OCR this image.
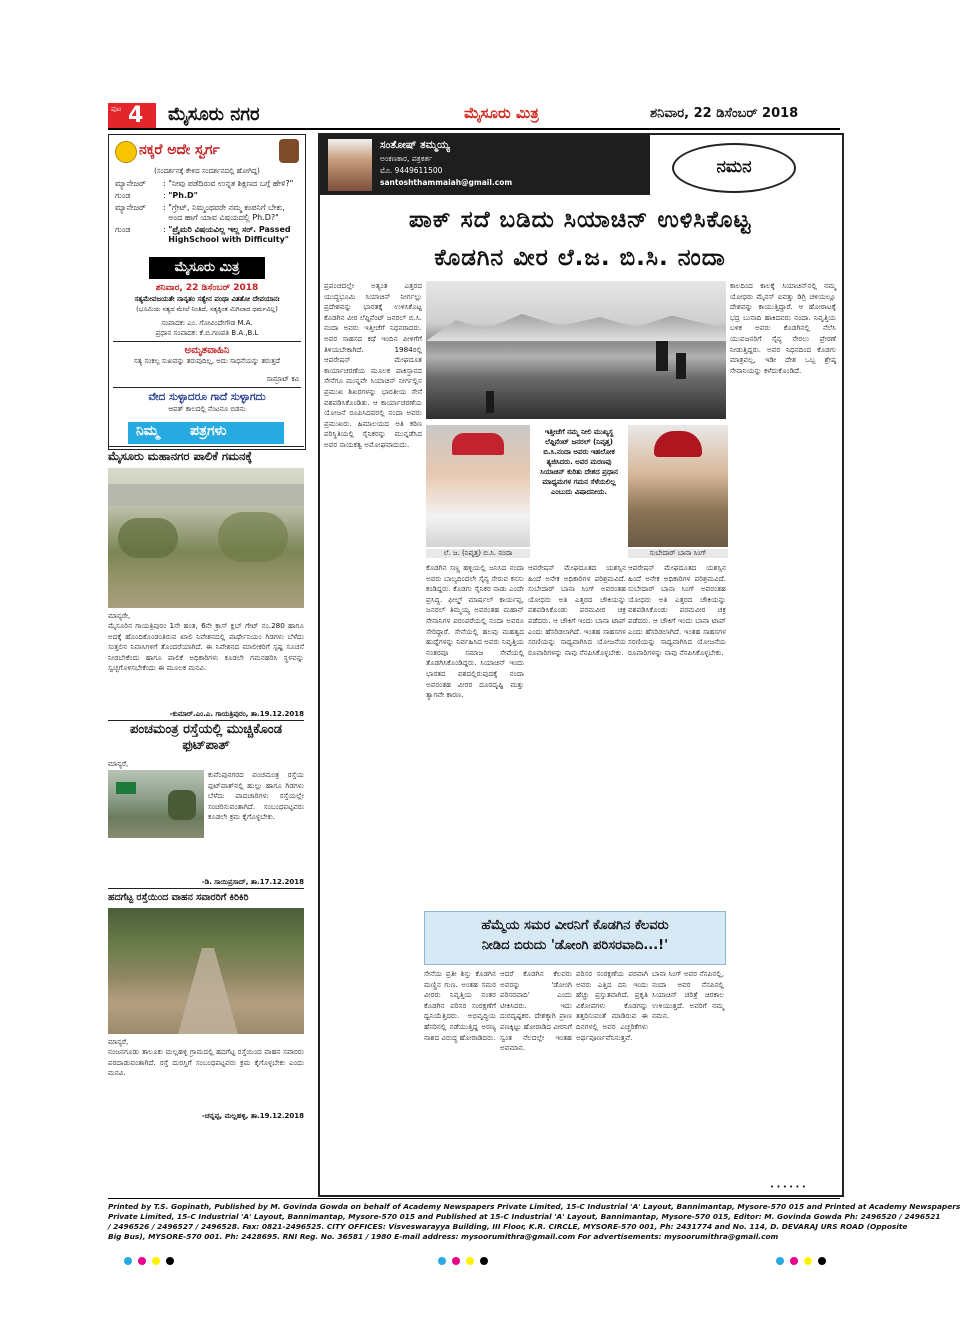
ಪುಟ 4 ಮೈಸೂರು ನಗರ	ಮೈಸೂರು ಮಿತ್ರ	ಶನಿವಾರ, 22 ಡಿಸೆಂಬರ್ 2018
ನಕ್ಕರೆ ಅದೇ ಸ್ವರ್ಗ
(ಸಂದರ್ಶನಕ್ಕೆ ಕೇಳಿದ ಸಂದರ್ಶನದಲ್ಲಿ ಹೋಗಿದ್ದ)
ಮ್ಯಾನೇಜರ್	: "ನೀವು ಪಡೆದಿರುವ ಉನ್ನತ ಶಿಕ್ಷಣದ ಬಗ್ಗೆ ಹೇಳಿ?"
ಗುಂಡ	: "Ph.D"
ಮ್ಯಾನೇಜರ್	: "ಗ್ರೇಟ್, ನಿಮ್ಮಂಥವರೇ ನಮ್ಮ ಕಂಪನಿಗೆ ಬೇಕು, ಅಂದ ಹಾಗೆ ಯಾವ ವಿಷಯದಲ್ಲಿ Ph.D?"
ಗುಂಡ	: "ಪ್ರೈಮರಿ ವಿಷಯವಿಲ್ಲ ಇಲ್ಲ ಸರ್. Passed HighSchool with Difficulty"
ಮೈಸೂರು ಮಿತ್ರ
ಶನಿವಾರ, 22 ಡಿಸೆಂಬರ್ 2018
ಸತ್ಯಮೇವಜಯತೇ ನಾನೃತಂ ಸತ್ಯೇನ ಪಂಥಾ ವಿತತೋ ದೇವಯಾನಃ
(ಭೂಮಿಯ ಸತ್ಯದ ಮೇಲೆ ನಿಂತಿದೆ, ಸತ್ಯಕ್ಕಿಂತ ಮಿಗಿಲಾದ ಧರ್ಮವಿಲ್ಲ)
ಸಂಪಾದಕ: ಎಂ. ಗೋವಿಂದೇಗೌಡ M.A.
ಪ್ರಧಾನ ಸಂಪಾದಕ: ಕೆ.ಬಿ.ಗಣಪತಿ B.A.,B.L
ಅಮೃತವಾಹಿನಿ
ಸತ್ಯ ಸಂಕಲ್ಪ ಸುಖವನ್ನು ತರುವುದಿಲ್ಲ, ಅದು ಸಾಧನೆಯನ್ನು ತರುತ್ತದೆ
ಸಾಮ್ರಾಟ್ ಕವಿ
ವೇದ ಸುಳ್ಳಾದರೂ ಗಾದೆ ಸುಳ್ಳಾಗದು
ಆಪತ್ ಕಾಲದಲ್ಲಿ ನೆಂಟನೂ ಬಿಡನು
ನಿಮ್ಮ ಪತ್ರಗಳು
ಮೈಸೂರು ಮಹಾನಗರ ಪಾಲಿಕೆ ಗಮನಕ್ಕೆ
ಮಾನ್ಯರೇ,
ಮೈಸೂರಿನ ಗಾಯತ್ರಿಪುರಂ 1ನೇ ಹಂತ, 6ನೇ ಕ್ರಾಸ್ ಕ್ಲಬ್ ಗೇಟ್ ನಂ.280 ಹಾಗೂ ಅದಕ್ಕೆ ಹೊಂದಿಕೊಂಡಂತಿರುವ ಖಾಲಿ ನಿವೇಶನದಲ್ಲಿ ಪಾರ್ಥೇನಿಯಂ ಗಿಡಗಳು ಬೆಳೆದು ಸುತ್ತಲಿನ ನಿವಾಸಿಗಳಿಗೆ ತೊಂದರೆಯಾಗಿದೆ. ಈ ನಿವೇಶನದ ಮಾಲೀಕರಿಗೆ ಸ್ಪಷ್ಟ ಸೂಚನೆ ನೀಡಬೇಕೆಂದು ಹಾಗೂ ಪಾಲಿಕೆ ಅಧಿಕಾರಿಗಳು ಕೂಡಲೇ ಗಮನಹರಿಸಿ ಸ್ಥಳವನ್ನು ಸ್ವಚ್ಛಗೊಳಿಸಬೇಕೆಂದು ಈ ಮೂಲಕ ಮನವಿ.
-ಕುಮಾರ್.ಎಂ.ಎ. ಗಾಯತ್ರಿಪುರಂ, ತಾ.19.12.2018
ಪಂಚಮಂತ್ರ ರಸ್ತೆಯಲ್ಲಿ ಮುಚ್ಚಿಕೊಂಡ ಫುಟ್‌ಪಾತ್
ಮಾನ್ಯರೆ,
ಕುವೆಂಪುನಗರದ ಪಂಚಮಂತ್ರ ರಸ್ತೆಯ ಫುಟ್‌ಪಾತ್‌ನಲ್ಲಿ ಹುಲ್ಲು ಹಾಗೂ ಗಿಡಗಳು ಬೆಳೆದು ಪಾದಚಾರಿಗಳು ರಸ್ತೆಯಲ್ಲೇ ಸಂಚರಿಸುವಂತಾಗಿದೆ. ಸಂಬಂಧಪಟ್ಟವರು ಕೂಡಲೇ ಕ್ರಮ ಕೈಗೊಳ್ಳಬೇಕು.
-ಡಿ. ಸಾಯಿಪ್ರಸಾದ್, ತಾ.17.12.2018
ಹದಗೆಟ್ಟ ರಸ್ತೆಯಿಂದ ವಾಹನ ಸವಾರರಿಗೆ ಕಿರಿಕಿರಿ
ಮಾನ್ಯರೆ,
ನಂಜನಗೂಡು ತಾಲೂಕು ಮಲ್ಲಹಳ್ಳಿ ಗ್ರಾಮದಲ್ಲಿ ಹದಗೆಟ್ಟ ರಸ್ತೆಯಿಂದ ವಾಹನ ಸವಾರರು ಪರದಾಡುವಂತಾಗಿದೆ. ರಸ್ತೆ ದುರಸ್ತಿಗೆ ಸಂಬಂಧಪಟ್ಟವರು ಕ್ರಮ ಕೈಗೊಳ್ಳಬೇಕು ಎಂದು ಮನವಿ.
-ಚನ್ನಪ್ಪ, ಮಲ್ಲಹಳ್ಳಿ, ತಾ.19.12.2018
ಸಂತೋಷ್ ತಮ್ಮಯ್ಯ
ಅಂಕಣಕಾರ, ಪತ್ರಕರ್ತ
ಮೊ. 9449611500
santoshthammaiah@gmail.com
ನಮನ
ಪಾಕ್ ಸದೆ ಬಡಿದು ಸಿಯಾಚಿನ್ ಉಳಿಸಿಕೊಟ್ಟ
ಕೊಡಗಿನ ವೀರ ಲೆ.ಜ. ಬಿ.ಸಿ. ನಂದಾ
ಪ್ರಪಂಚದಲ್ಲೇ ಅತ್ಯಂತ ಎತ್ತರದ ಯುದ್ಧಭೂಮಿ ಸಿಯಾಚಿನ್ ನೀರ್ಗಲ್ಲು ಪ್ರದೇಶವನ್ನು ಭಾರತಕ್ಕೆ ಉಳಿಸಿಕೊಟ್ಟ ಕೊಡಗಿನ ವೀರ ಲೆಫ್ಟಿನೆಂಟ್ ಜನರಲ್ ಬಿ.ಸಿ. ನಂದಾ ಅವರು ಇತ್ತೀಚೆಗೆ ನಿಧನರಾದರು. ಅವರ ಸಾಹಸದ ಕಥೆ ಇಂದಿನ ಪೀಳಿಗೆಗೆ ತಿಳಿಯಬೇಕಾಗಿದೆ. 1984ರಲ್ಲಿ ಆಪರೇಷನ್ ಮೇಘದೂತ ಕಾರ್ಯಾಚರಣೆಯ ಮೂಲಕ ಪಾಕಿಸ್ತಾನದ ಸೇನೆಗೂ ಮುನ್ನವೇ ಸಿಯಾಚಿನ್ ನೀರ್ಗಲ್ಲಿನ ಪ್ರಮುಖ ಶಿಖರಗಳನ್ನು ಭಾರತೀಯ ಸೇನೆ ವಶಪಡಿಸಿಕೊಂಡಿತು. ಆ ಕಾರ್ಯಾಚರಣೆಯ ಯೋಜನೆ ರೂಪಿಸಿದವರಲ್ಲಿ ನಂದಾ ಅವರು ಪ್ರಮುಖರು. ಹಿಮಾಲಯದ ಅತಿ ಕಠಿಣ ಪರಿಸ್ಥಿತಿಯಲ್ಲಿ ಸೈನಿಕರನ್ನು ಮುನ್ನಡೆಸಿದ ಅವರ ನಾಯಕತ್ವ ಅಮೋಘವಾದುದು.
ಕಾಲದಿಂದ ಕಾಲಕ್ಕೆ ಸಿಯಾಚಿನ್‌ನಲ್ಲಿ ನಮ್ಮ ಯೋಧರು ಮೈನಸ್ ಐವತ್ತು ಡಿಗ್ರಿ ಚಳಿಯಲ್ಲೂ ದೇಶವನ್ನು ಕಾಯುತ್ತಿದ್ದಾರೆ. ಆ ಹೋರಾಟಕ್ಕೆ ಭದ್ರ ಬುನಾದಿ ಹಾಕಿದವರು ನಂದಾ. ನಿವೃತ್ತಿಯ ಬಳಿಕ ಅವರು ಕೊಡಗಿನಲ್ಲಿ ನೆಲೆಸಿ ಯುವಜನರಿಗೆ ಸೈನ್ಯ ಸೇರಲು ಪ್ರೇರಣೆ ನೀಡುತ್ತಿದ್ದರು. ಅವರ ನಿಧನದಿಂದ ಕೊಡಗು ಮಾತ್ರವಲ್ಲ, ಇಡೀ ದೇಶ ಒಬ್ಬ ಶ್ರೇಷ್ಠ ಸೇನಾನಿಯನ್ನು ಕಳೆದುಕೊಂಡಿದೆ.
ಲೆ. ಜ. (ನಿವೃತ್ತ) ಬಿ.ಸಿ. ನಂದಾ
ಇತ್ತೀಚೆಗೆ ನಮ್ಮ ನೀಲಿ ಮುಖ್ಯಸ್ಥ ಲೆಫ್ಟಿನೆಂಟ್ ಜನರಲ್ (ನಿವೃತ್ತ) ಬಿ.ಸಿ.ನಂದಾ ಅವರು ಇಹಲೋಕ ತ್ಯಜಿಸಿದರು. ಅವರ ಮರಣವು ಸಿಯಾಚಿನ್ ಕುರಿತು ದೇಶದ ಪ್ರಧಾನ ಮಾಧ್ಯಮಗಳ ಗಮನ ಸೆಳೆಯಲಿಲ್ಲ ಎಂಬುದು ವಿಷಾದನೀಯ.
ಸುಬೇದಾರ್ ಬಾನಾ ಸಿಂಗ್
ಕೊಡಗಿನ ಸಣ್ಣ ಹಳ್ಳಿಯಲ್ಲಿ ಜನಿಸಿದ ನಂದಾ ಅವರು ಬಾಲ್ಯದಿಂದಲೇ ಸೈನ್ಯ ಸೇರುವ ಕನಸು ಕಂಡಿದ್ದರು. ಕೊಡಗು ಸೈನಿಕರ ನಾಡು ಎಂದೇ ಪ್ರಸಿದ್ಧ. ಫೀಲ್ಡ್ ಮಾರ್ಷಲ್ ಕಾರ್ಯಪ್ಪ, ಜನರಲ್ ತಿಮ್ಮಯ್ಯ ಅವರಂತಹ ಮಹಾನ್ ಸೇನಾನಿಗಳ ಪರಂಪರೆಯಲ್ಲಿ ನಂದಾ ಅವರೂ ಸೇರಿದ್ದಾರೆ. ಸೇನೆಯಲ್ಲಿ ಹಲವು ಮಹತ್ವದ ಹುದ್ದೆಗಳನ್ನು ನಿರ್ವಹಿಸಿದ ಅವರು ನಿವೃತ್ತಿಯ ನಂತರವೂ ಸಮಾಜ ಸೇವೆಯಲ್ಲಿ ತೊಡಗಿಸಿಕೊಂಡಿದ್ದರು. ಸಿಯಾಚಿನ್ ಇಂದು ಭಾರತದ ವಶದಲ್ಲಿರುವುದಕ್ಕೆ ನಂದಾ ಅವರಂತಹ ವೀರರ ದೂರದೃಷ್ಟಿ ಮತ್ತು ತ್ಯಾಗವೇ ಕಾರಣ.
ಆಪರೇಷನ್ ಮೇಘದೂತದ ಯಶಸ್ಸಿನ ಹಿಂದೆ ಅನೇಕ ಅಧಿಕಾರಿಗಳ ಪರಿಶ್ರಮವಿದೆ. ಸುಬೇದಾರ್ ಬಾನಾ ಸಿಂಗ್ ಅವರಂತಹ ಯೋಧರು ಅತಿ ಎತ್ತರದ ಚೌಕಿಯನ್ನು ವಶಪಡಿಸಿಕೊಂಡು ಪರಮವೀರ ಚಕ್ರ ಪಡೆದರು. ಆ ಚೌಕಿಗೆ ಇಂದು ಬಾನಾ ಟಾಪ್ ಎಂದು ಹೆಸರಿಡಲಾಗಿದೆ. ಇಂತಹ ಸಾಹಸಗಳ ಸರಣಿಯನ್ನು ಸಾಧ್ಯವಾಗಿಸಿದ ಯೋಜನೆಯ ರೂವಾರಿಗಳನ್ನು ನಾವು ನೆನಪಿಸಿಕೊಳ್ಳಬೇಕು.
ಆಪರೇಷನ್ ಮೇಘದೂತದ ಯಶಸ್ಸಿನ ಹಿಂದೆ ಅನೇಕ ಅಧಿಕಾರಿಗಳ ಪರಿಶ್ರಮವಿದೆ. ಸುಬೇದಾರ್ ಬಾನಾ ಸಿಂಗ್ ಅವರಂತಹ ಯೋಧರು ಅತಿ ಎತ್ತರದ ಚೌಕಿಯನ್ನು ವಶಪಡಿಸಿಕೊಂಡು ಪರಮವೀರ ಚಕ್ರ ಪಡೆದರು. ಆ ಚೌಕಿಗೆ ಇಂದು ಬಾನಾ ಟಾಪ್ ಎಂದು ಹೆಸರಿಡಲಾಗಿದೆ. ಇಂತಹ ಸಾಹಸಗಳ ಸರಣಿಯನ್ನು ಸಾಧ್ಯವಾಗಿಸಿದ ಯೋಜನೆಯ ರೂವಾರಿಗಳನ್ನು ನಾವು ನೆನಪಿಸಿಕೊಳ್ಳಬೇಕು.
ಹೆಮ್ಮೆಯ ಸಮರ ವೀರನಿಗೆ ಕೊಡಗಿನ ಕೆಲವರು
ನೀಡಿದ ಬಿರುದು 'ಡೋಂಗಿ ಪರಿಸರವಾದಿ...!'
ಸೇನೆಯ ಪ್ರತೀ ಶಿಸ್ತು ಕೊಡಗಿನ ಮಣ್ಣಿನ ಗುಣ. ಅಂತಹ ಸಮರ ವೀರರು ನಿವೃತ್ತಿಯ ನಂತರ ಕೊಡಗಿನ ಪರಿಸರ ಸಂರಕ್ಷಣೆಗೆ ಧ್ವನಿಯೆತ್ತಿದರು. ಅಭಿವೃದ್ಧಿಯ ಹೆಸರಿನಲ್ಲಿ ನಡೆಯುತ್ತಿದ್ದ ಅರಣ್ಯ ನಾಶದ ವಿರುದ್ಧ ಹೋರಾಡಿದರು.
ಆದರೆ ಕೊಡಗಿನ ಕೆಲವರು ಅವರನ್ನು 'ಡೋಂಗಿ ಪರಿಸರವಾದಿ' ಎಂದು ಟೀಕಿಸಿದರು. ಇದು ದುರದೃಷ್ಟಕರ. ದೇಶಕ್ಕಾಗಿ ಪ್ರಾಣ ಪಣಕ್ಕಿಟ್ಟು ಹೋರಾಡಿದ ವೀರನಿಗೆ ಸ್ವಂತ ನೆಲದಲ್ಲೇ ಇಂತಹ ಅವಮಾನ.
ಪರಿಸರ ಸಂರಕ್ಷಣೆಯ ಪರವಾಗಿ ಅವರು ಎತ್ತಿದ ದನಿ ಇಂದು ಹೆಚ್ಚು ಪ್ರಸ್ತುತವಾಗಿದೆ. ಪ್ರಕೃತಿ ವಿಕೋಪಗಳು ಕೊಡಗನ್ನು ತತ್ತರಿಸುವಂತೆ ಮಾಡಿರುವ ಈ ದಿನಗಳಲ್ಲಿ ಅವರ ಎಚ್ಚರಿಕೆಗಳು ಅರ್ಥಪೂರ್ಣವೆನಿಸುತ್ತವೆ.
ಬಾನಾ ಸಿಂಗ್ ಅವರ ನೆನಪಿನಲ್ಲಿ, ನಂದಾ ಅವರ ನೆನಪಿನಲ್ಲಿ ಸಿಯಾಚಿನ್ ಚರಿತ್ರೆ ಚಿರಕಾಲ ಉಳಿಯುತ್ತದೆ. ಅವರಿಗೆ ನಮ್ಮ ನಮನ.
• • • • • •
Printed by T.S. Gopinath, Published by M. Govinda Gowda on behalf of Academy Newspapers Private Limited, 15-C Industrial 'A' Layout, Bannimantap, Mysore-570 015 and Printed at Academy Newspapers
Private Limited, 15-C Industrial 'A' Layout, Bannimantap, Mysore-570 015 and Published at 15-C Industrial 'A' Layout, Bannimantap, Mysore-570 015, Editor: M. Govinda Gowda Ph: 2496520 / 2496521
/ 2496526 / 2496527 / 2496528. Fax: 0821-2496525. CITY OFFICES: Visveswarayya Building, III Floor, K.R. CIRCLE, MYSORE-570 001, Ph: 2431774 and No. 114, D. DEVARAJ URS ROAD (Opposite
Big Bus), MYSORE-570 001. Ph: 2428695. RNI Reg. No. 36581 / 1980 E-mail address: mysoorumithra@gmail.com For advertisements: mysoorumithra@gmail.com
